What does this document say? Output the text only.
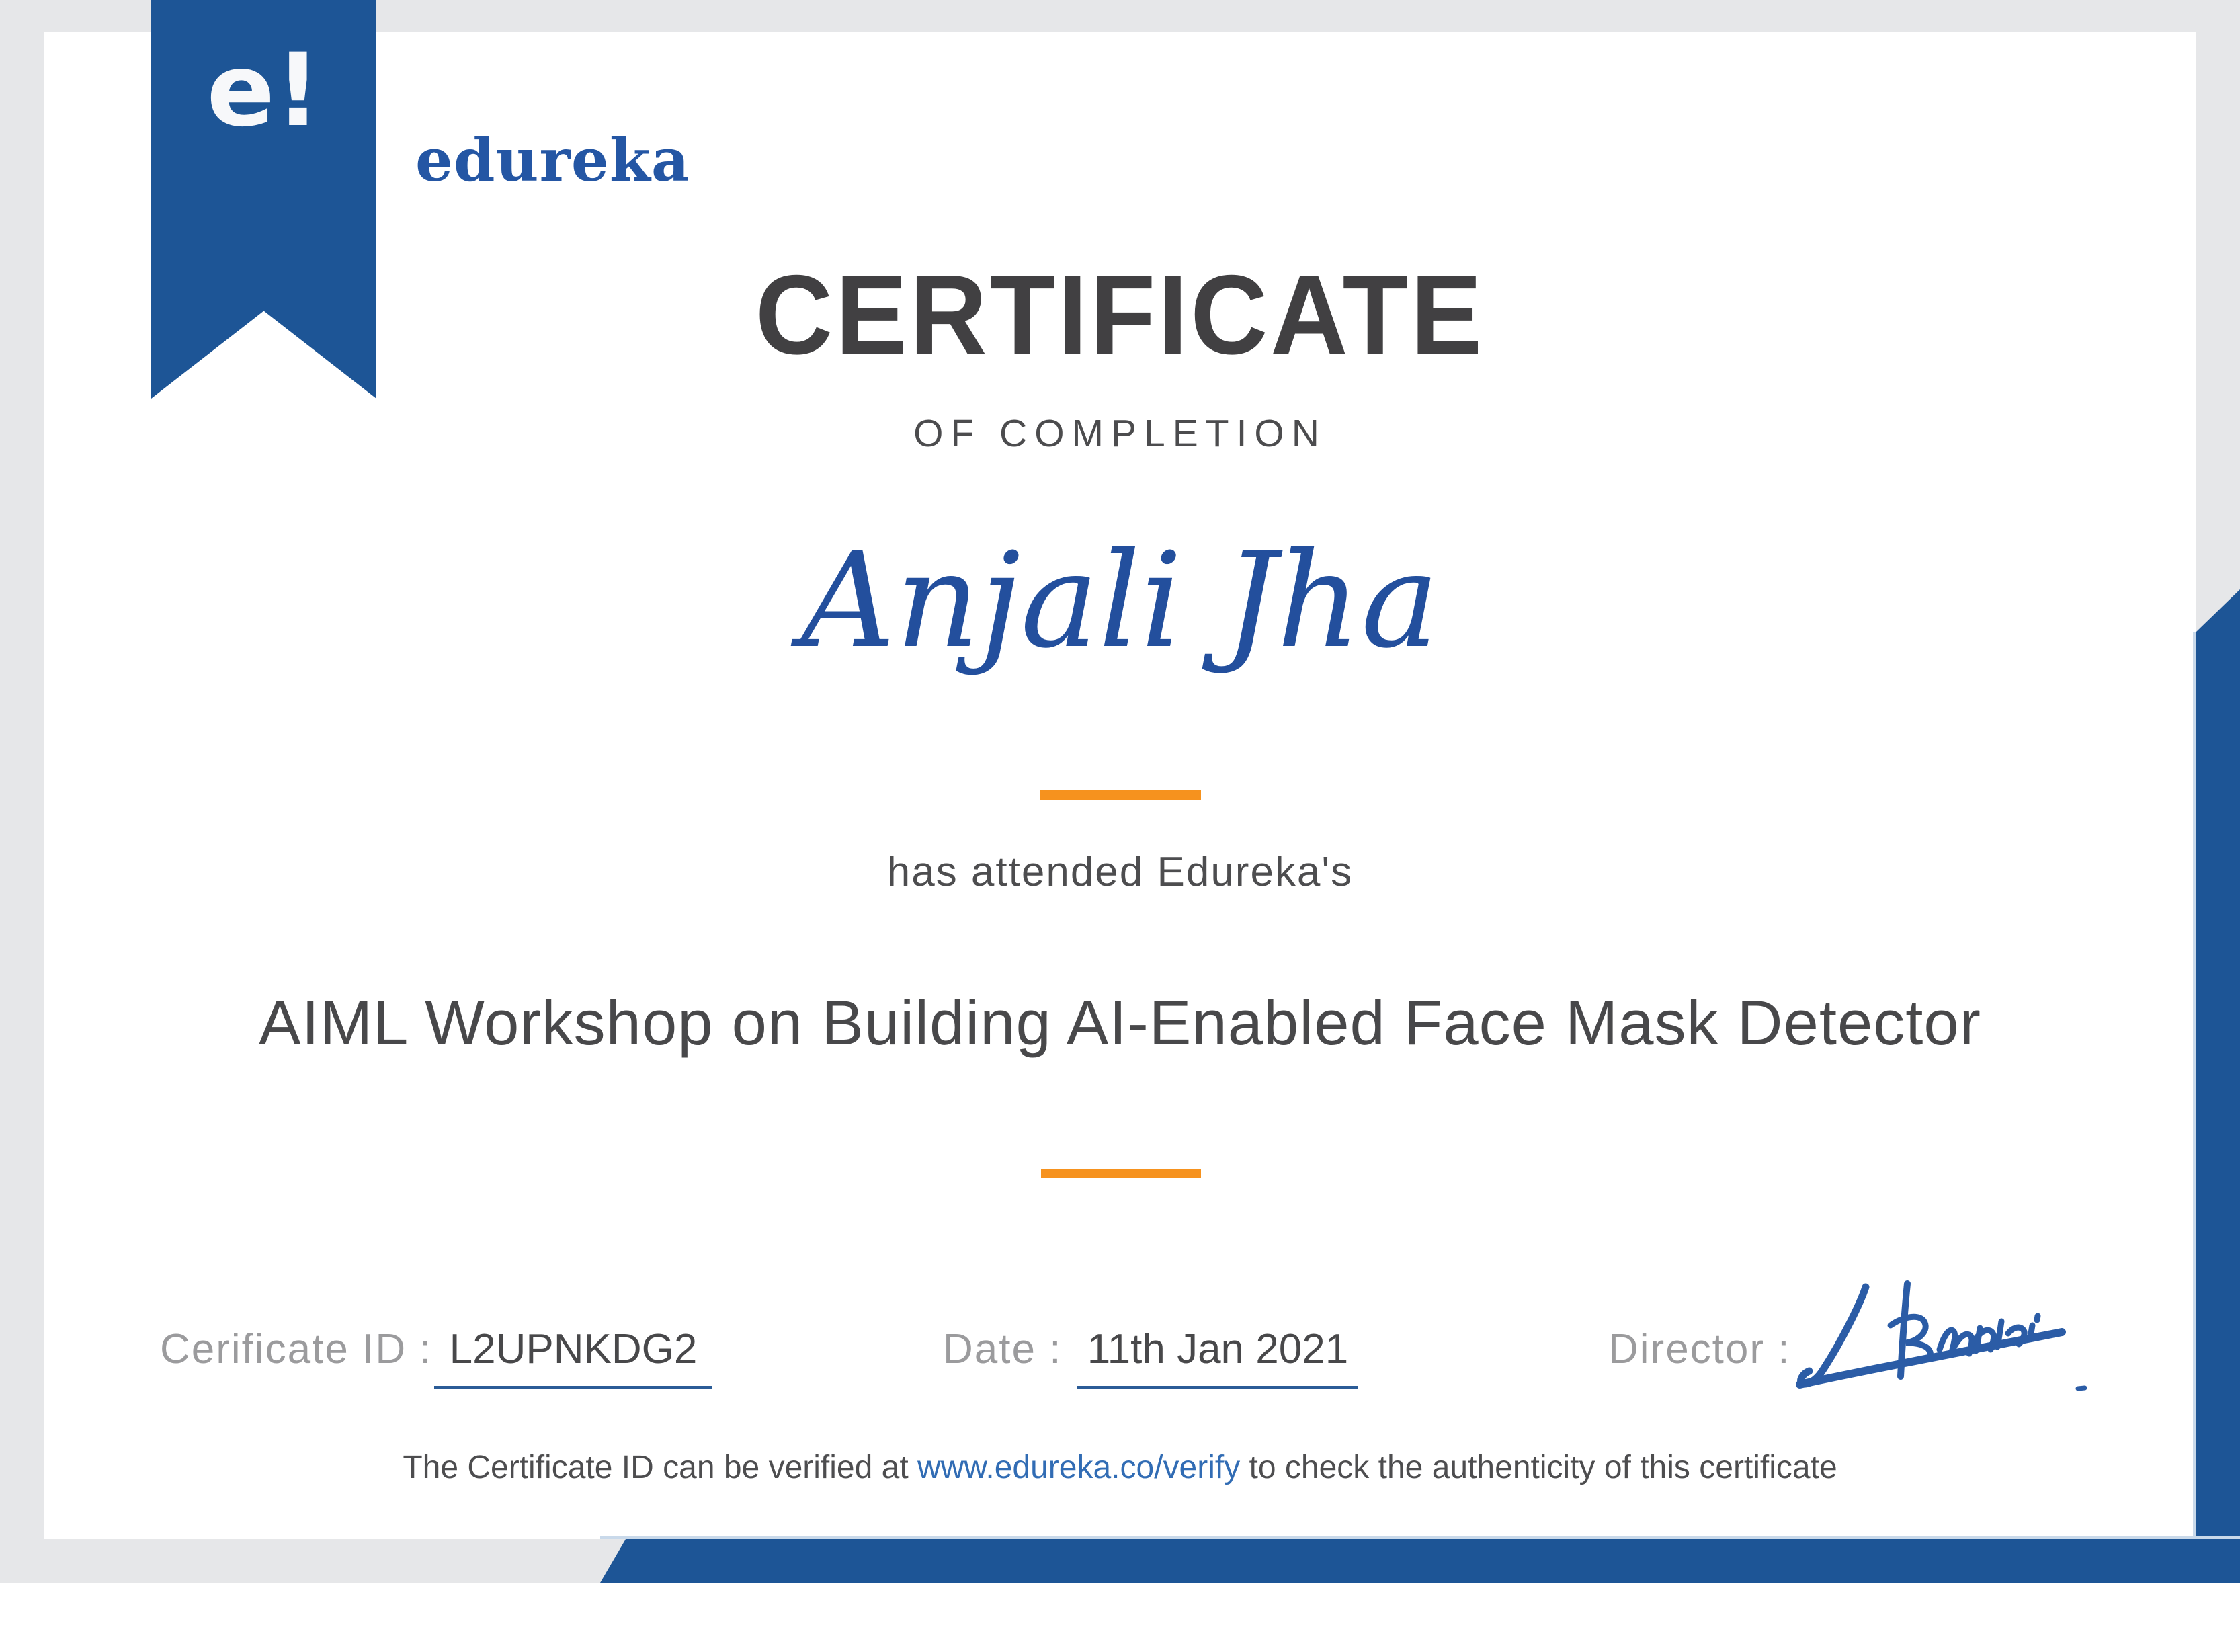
e!
edureka
CERTIFICATE
OF COMPLETION
Anjali Jha
has attended Edureka's
AIML Workshop on Building AI-Enabled Face Mask Detector
Cerificate ID : L2UPNKDG2	Date : 11th Jan 2021	Director :
The Certificate ID can be verified at www.edureka.co/verify to check the authenticity of this certificate
